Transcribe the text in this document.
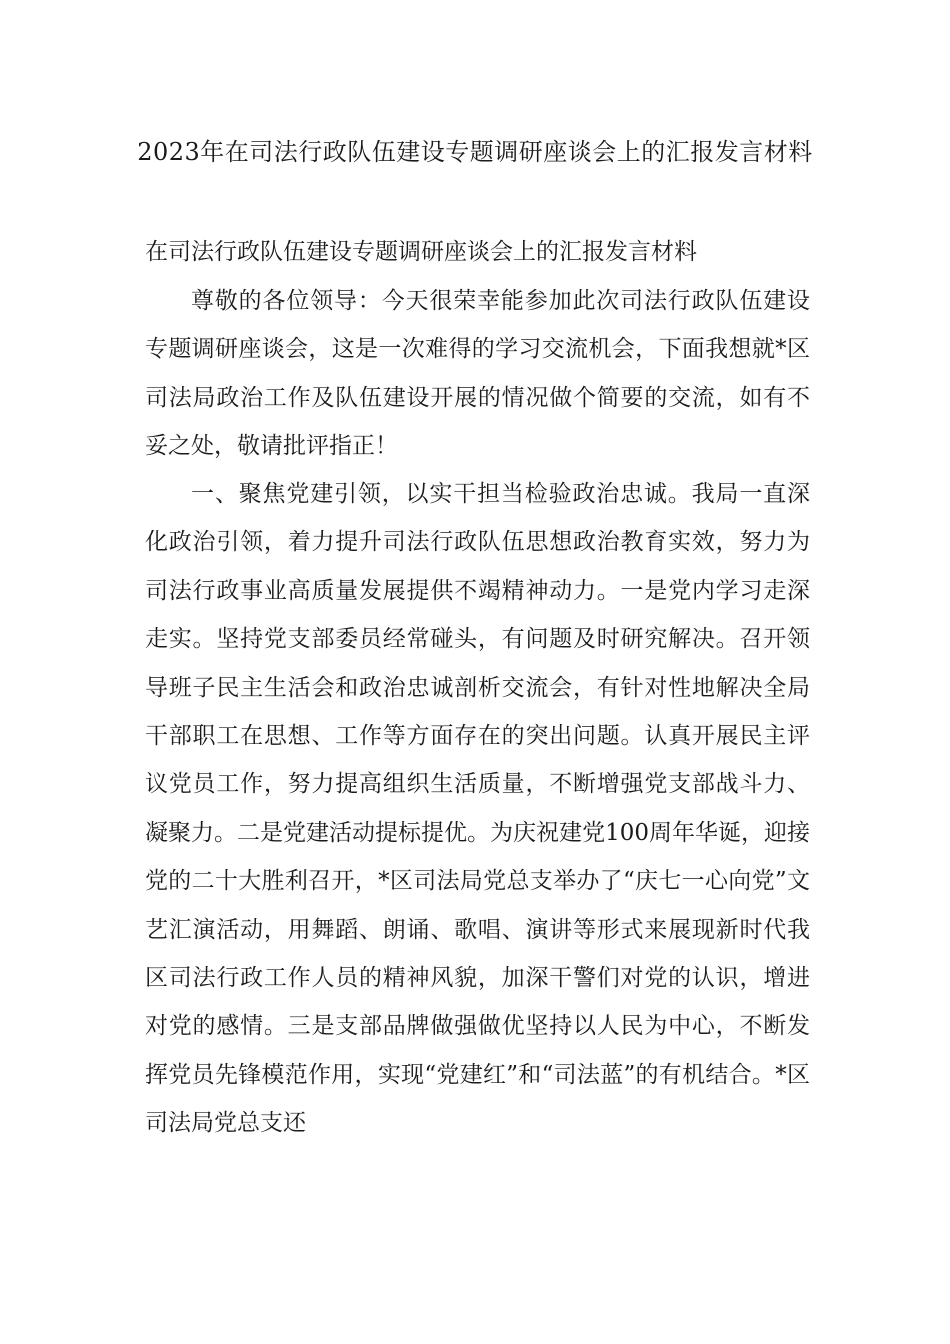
2023年在司法行政队伍建设专题调研座谈会上的汇报发言材料

在司法行政队伍建设专题调研座谈会上的汇报发言材料

尊敬的各位领导：今天很荣幸能参加此次司法行政队伍建设专题调研座谈会，这是一次难得的学习交流机会，下面我想就*区司法局政治工作及队伍建设开展的情况做个简要的交流，如有不妥之处，敬请批评指正！

一、聚焦党建引领，以实干担当检验政治忠诚。我局一直深化政治引领，着力提升司法行政队伍思想政治教育实效，努力为司法行政事业高质量发展提供不竭精神动力。一是党内学习走深走实。坚持党支部委员经常碰头，有问题及时研究解决。召开领导班子民主生活会和政治忠诚剖析交流会，有针对性地解决全局干部职工在思想、工作等方面存在的突出问题。认真开展民主评议党员工作，努力提高组织生活质量，不断增强党支部战斗力、凝聚力。二是党建活动提标提优。为庆祝建党100周年华诞，迎接党的二十大胜利召开，*区司法局党总支举办了“庆七一心向党”文艺汇演活动，用舞蹈、朗诵、歌唱、演讲等形式来展现新时代我区司法行政工作人员的精神风貌，加深干警们对党的认识，增进对党的感情。三是支部品牌做强做优坚持以人民为中心，不断发挥党员先锋模范作用，实现“党建红”和“司法蓝”的有机结合。*区司法局党总支还
